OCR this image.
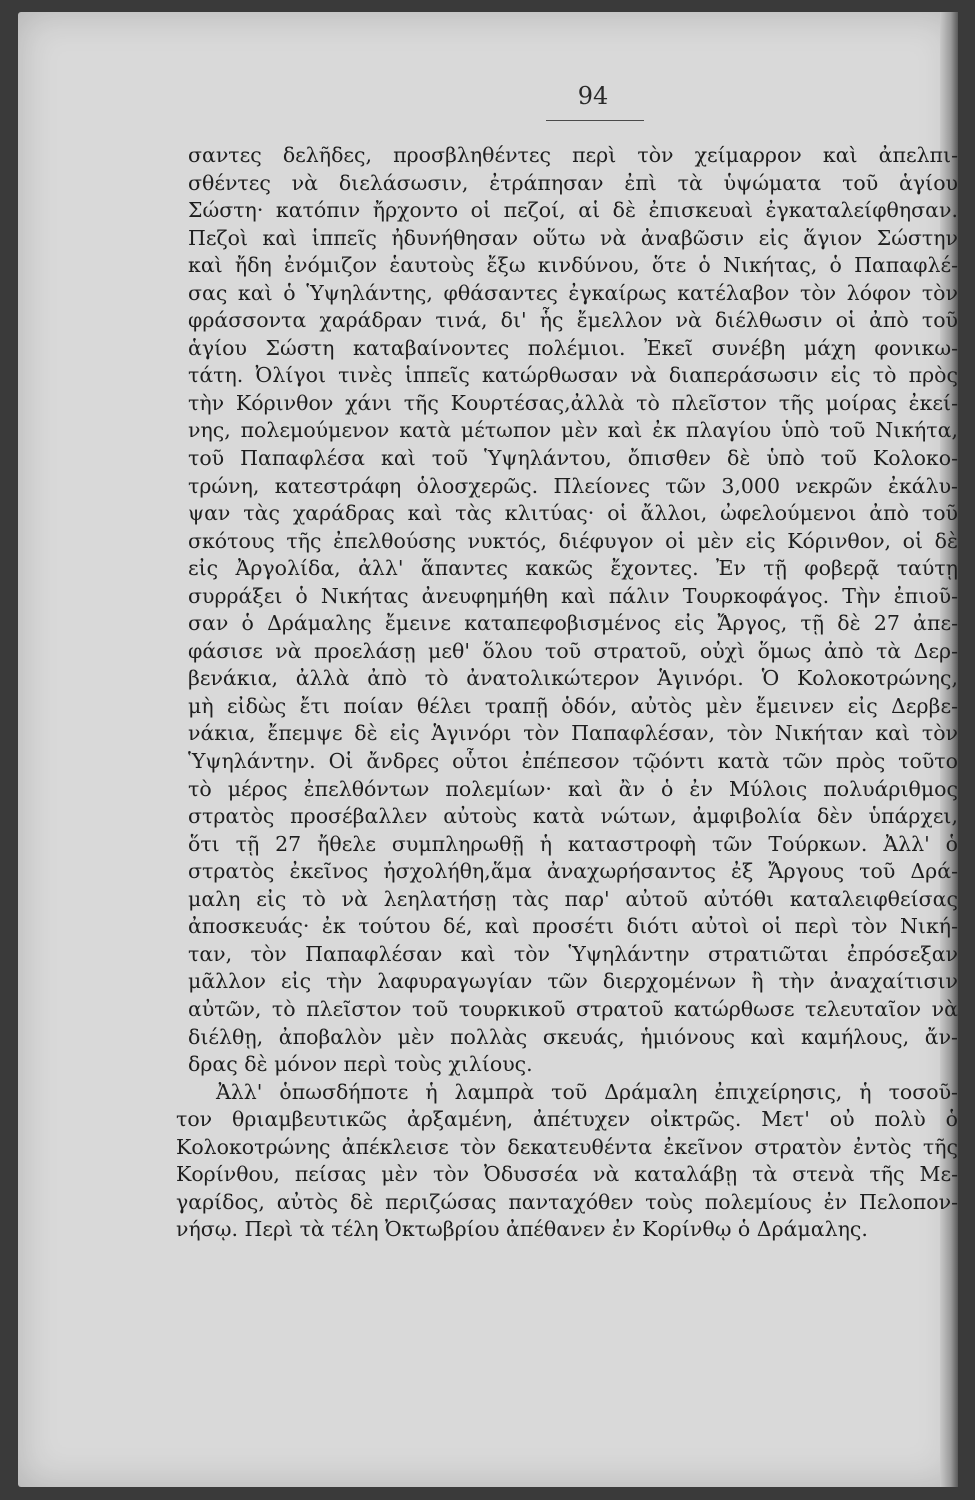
94
σαντες δελῆδες, προσβληθέντες περὶ τὸν χείμαρρον καὶ ἀπελπι-
σθέντες νὰ διελάσωσιν, ἐτράπησαν ἐπὶ τὰ ὑψώματα τοῦ ἁγίου
Σώστη· κατόπιν ἤρχοντο οἱ πεζοί, αἱ δὲ ἐπισκευαὶ ἐγκαταλείφθησαν.
Πεζοὶ καὶ ἱππεῖς ἠδυνήθησαν οὕτω νὰ ἀναβῶσιν εἰς ἅγιον Σώστην
καὶ ἤδη ἐνόμιζον ἑαυτοὺς ἔξω κινδύνου, ὅτε ὁ Νικήτας, ὁ Παπαφλέ-
σας καὶ ὁ Ὑψηλάντης, φθάσαντες ἐγκαίρως κατέλαβον τὸν λόφον τὸν
φράσσοντα χαράδραν τινά, δι' ἧς ἔμελλον νὰ διέλθωσιν οἱ ἀπὸ τοῦ
ἁγίου Σώστη καταβαίνοντες πολέμιοι. Ἐκεῖ συνέβη μάχη φονικω-
τάτη. Ὀλίγοι τινὲς ἱππεῖς κατώρθωσαν νὰ διαπεράσωσιν εἰς τὸ πρὸς
τὴν Κόρινθον χάνι τῆς Κουρτέσας,ἀλλὰ τὸ πλεῖστον τῆς μοίρας ἐκεί-
νης, πολεμούμενον κατὰ μέτωπον μὲν καὶ ἐκ πλαγίου ὑπὸ τοῦ Νικήτα,
τοῦ Παπαφλέσα καὶ τοῦ Ὑψηλάντου, ὄπισθεν δὲ ὑπὸ τοῦ Κολοκο-
τρώνη, κατεστράφη ὁλοσχερῶς. Πλείονες τῶν 3,000 νεκρῶν ἐκάλυ-
ψαν τὰς χαράδρας καὶ τὰς κλιτύας· οἱ ἄλλοι, ὠφελούμενοι ἀπὸ τοῦ
σκότους τῆς ἐπελθούσης νυκτός, διέφυγον οἱ μὲν εἰς Κόρινθον, οἱ δὲ
εἰς Ἀργολίδα, ἀλλ' ἅπαντες κακῶς ἔχοντες. Ἐν τῇ φοβερᾷ ταύτῃ
συρράξει ὁ Νικήτας ἀνευφημήθη καὶ πάλιν Τουρκοφάγος. Τὴν ἐπιοῦ-
σαν ὁ Δράμαλης ἔμεινε καταπεφοβισμένος εἰς Ἄργος, τῇ δὲ 27 ἀπε-
φάσισε νὰ προελάσῃ μεθ' ὅλου τοῦ στρατοῦ, οὐχὶ ὅμως ἀπὸ τὰ Δερ-
βενάκια, ἀλλὰ ἀπὸ τὸ ἀνατολικώτερον Ἁγινόρι. Ὁ Κολοκοτρώνης,
μὴ εἰδὼς ἔτι ποίαν θέλει τραπῇ ὁδόν, αὐτὸς μὲν ἔμεινεν εἰς Δερβε-
νάκια, ἔπεμψε δὲ εἰς Ἁγινόρι τὸν Παπαφλέσαν, τὸν Νικήταν καὶ τὸν
Ὑψηλάντην. Οἱ ἄνδρες οὗτοι ἐπέπεσον τῷόντι κατὰ τῶν πρὸς τοῦτο
τὸ μέρος ἐπελθόντων πολεμίων· καὶ ἂν ὁ ἐν Μύλοις πολυάριθμος
στρατὸς προσέβαλλεν αὐτοὺς κατὰ νώτων, ἀμφιβολία δὲν ὑπάρχει,
ὅτι τῇ 27 ἤθελε συμπληρωθῇ ἡ καταστροφὴ τῶν Τούρκων. Ἀλλ' ὁ
στρατὸς ἐκεῖνος ἠσχολήθη,ἅμα ἀναχωρήσαντος ἐξ Ἄργους τοῦ Δρά-
μαλη εἰς τὸ νὰ λεηλατήσῃ τὰς παρ' αὐτοῦ αὐτόθι καταλειφθείσας
ἀποσκευάς· ἐκ τούτου δέ, καὶ προσέτι διότι αὐτοὶ οἱ περὶ τὸν Νική-
ταν, τὸν Παπαφλέσαν καὶ τὸν Ὑψηλάντην στρατιῶται ἐπρόσεξαν
μᾶλλον εἰς τὴν λαφυραγωγίαν τῶν διερχομένων ἢ τὴν ἀναχαίτισιν
αὐτῶν, τὸ πλεῖστον τοῦ τουρκικοῦ στρατοῦ κατώρθωσε τελευταῖον νὰ
διέλθῃ, ἀποβαλὸν μὲν πολλὰς σκευάς, ἡμιόνους καὶ καμήλους, ἄν-
δρας δὲ μόνον περὶ τοὺς χιλίους.
Ἀλλ' ὁπωσδήποτε ἡ λαμπρὰ τοῦ Δράμαλη ἐπιχείρησις, ἡ τοσοῦ-
τον θριαμβευτικῶς ἀρξαμένη, ἀπέτυχεν οἰκτρῶς. Μετ' οὐ πολὺ ὁ
Κολοκοτρώνης ἀπέκλεισε τὸν δεκατευθέντα ἐκεῖνον στρατὸν ἐντὸς τῆς
Κορίνθου, πείσας μὲν τὸν Ὀδυσσέα νὰ καταλάβῃ τὰ στενὰ τῆς Με-
γαρίδος, αὐτὸς δὲ περιζώσας πανταχόθεν τοὺς πολεμίους ἐν Πελοπον-
νήσῳ. Περὶ τὰ τέλη Ὀκτωβρίου ἀπέθανεν ἐν Κορίνθῳ ὁ Δράμαλης.
